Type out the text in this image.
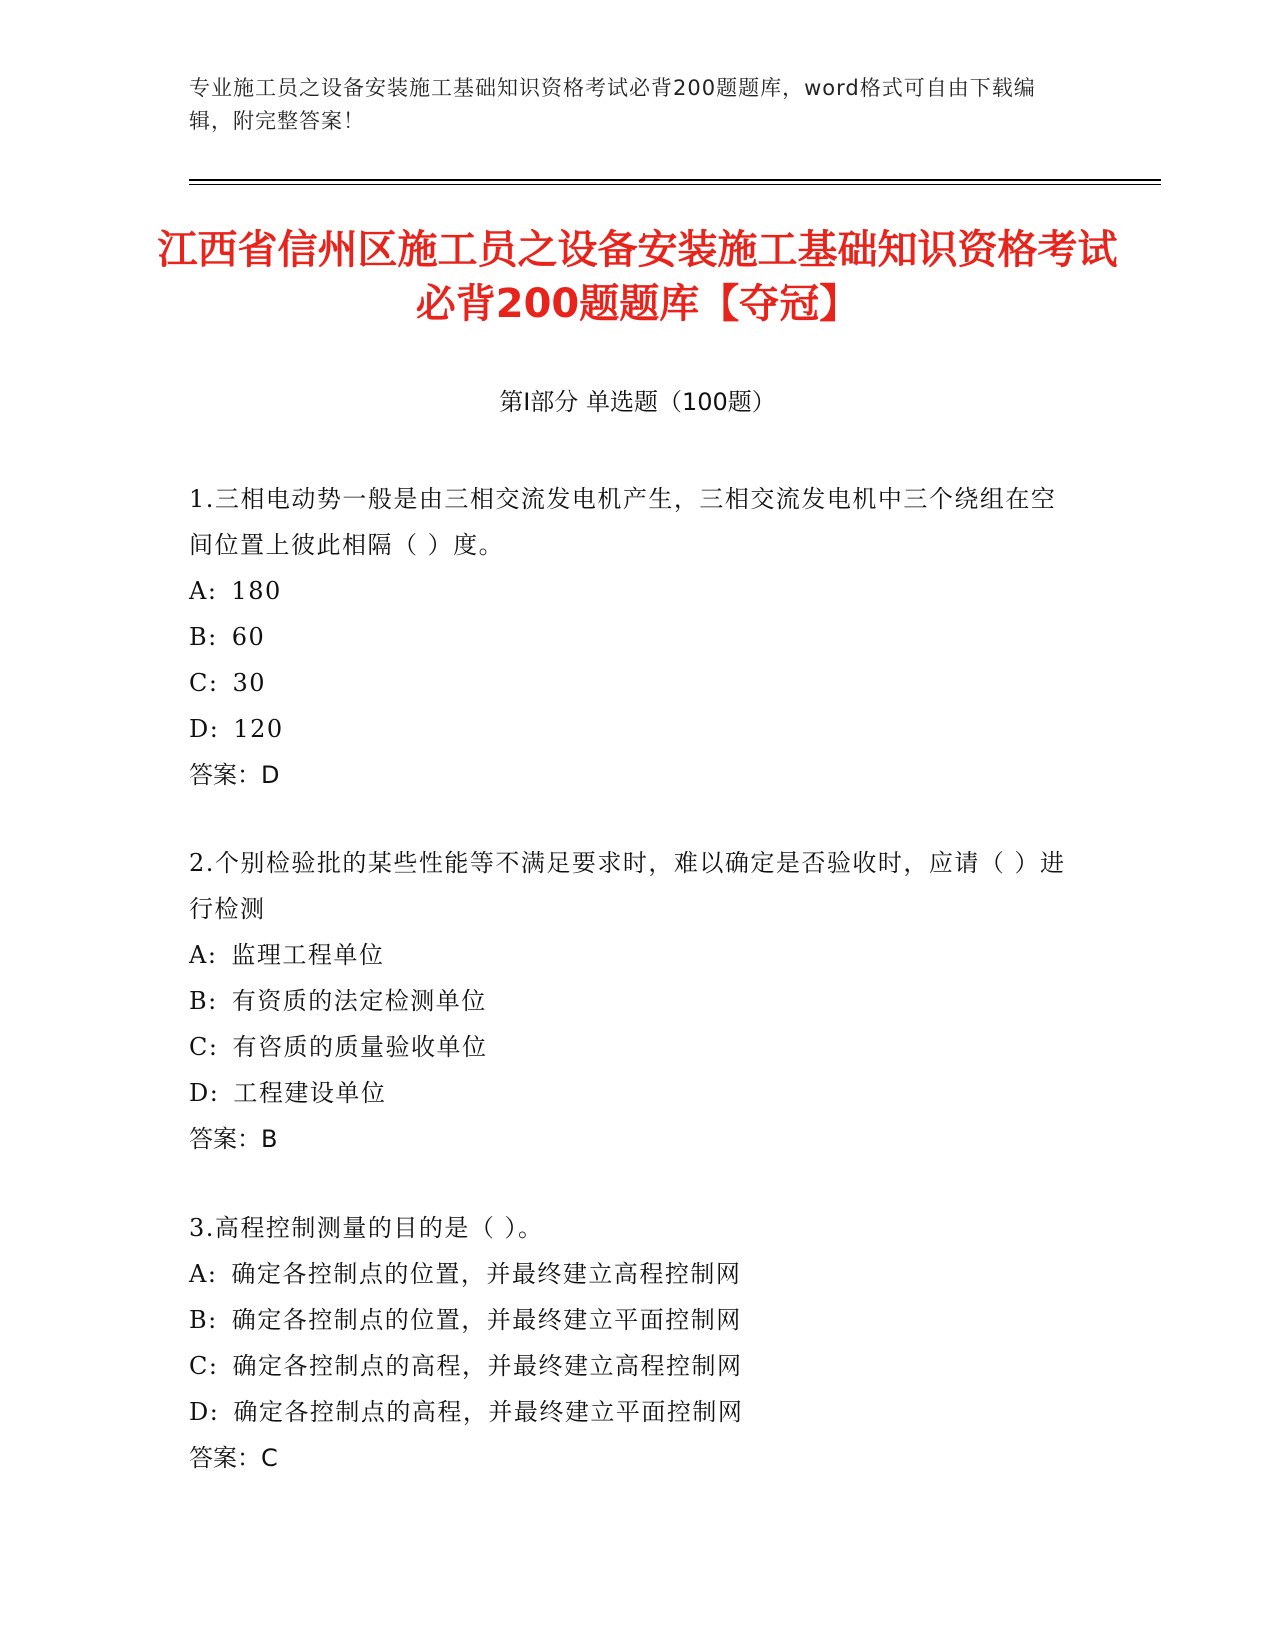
专业施工员之设备安装施工基础知识资格考试必背200题题库，word格式可自由下载编辑，附完整答案！
江西省信州区施工员之设备安装施工基础知识资格考试必背200题题库【夺冠】
第Ⅰ部分 单选题（100题）

1.三相电动势一般是由三相交流发电机产生，三相交流发电机中三个绕组在空间位置上彼此相隔（ ）度。

A: 180

B: 60

C: 30

D: 120

答案：D

2.个别检验批的某些性能等不满足要求时，难以确定是否验收时，应请（ ）进行检测

A: 监理工程单位

B: 有资质的法定检测单位

C: 有咨质的质量验收单位

D: 工程建设单位

答案：B

3.高程控制测量的目的是（ ）。

A: 确定各控制点的位置，并最终建立高程控制网

B: 确定各控制点的位置，并最终建立平面控制网

C: 确定各控制点的高程，并最终建立高程控制网

D: 确定各控制点的高程，并最终建立平面控制网

答案：C
